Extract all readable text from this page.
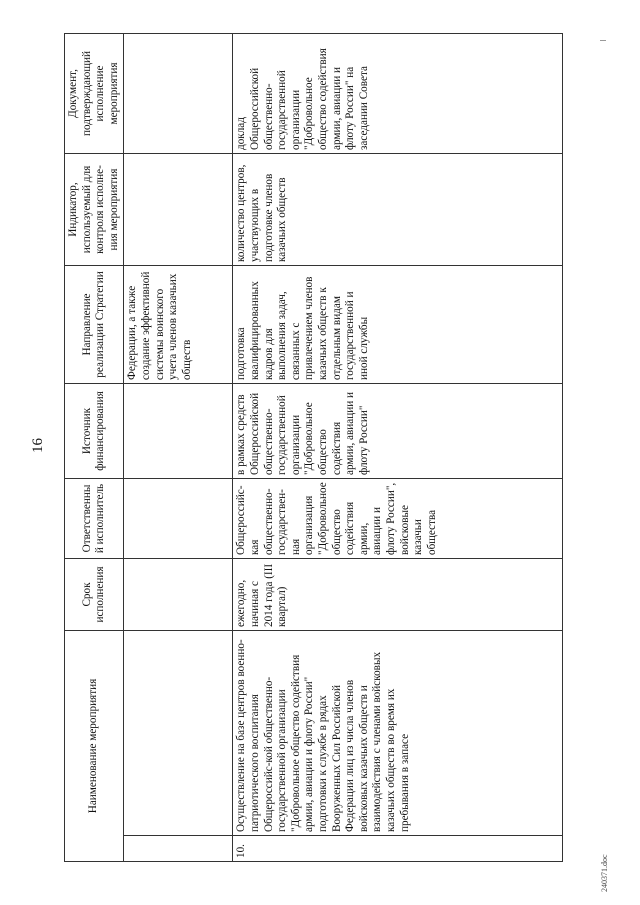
16
Наименование мероприятия		Срок исполнения	Ответственный исполнитель	Источник финансирования	Направление реализации Стратегии	Индикатор, используемый для контроля исполне-ния мероприятия	Документ, подтверждающий исполнение мероприятия
					Федерации, а также создание эффективной системы воинского учета членов казачьих обществ		
10.	Осуществление на базе центров военно-патриотического воспитания Общероссийс-кой общественно-государственной организации "Добровольное общество содействия армии, авиации и флоту России" подготовки к службе в рядах Вооруженных Сил Российской Федерации лиц из числа членов войсковых казачьих обществ и взаимодействия с членами войсковых казачьих обществ во время их пребывания в запасе	ежегодно, начиная с 2014 года (III квартал)	Общероссийс-кая общественно-государствен-ная организация "Добровольное общество содействия армии, авиации и флоту России", войсковые казачьи общества	в рамках средств Общероссийской общественно-государственной организации "Добровольное общество содействия армии, авиации и флоту России"	подготовка квалифицированных кадров для выполнения задач, связанных с привлечением членов казачьих обществ к отдельным видам государственной и иной службы	количество центров, участвующих в подготовке членов казачьих обществ	доклад Общероссийской общественно-государственной организации "Добровольное общество содействия армии, авиации и флоту России" на заседании Совета
240371.doc
